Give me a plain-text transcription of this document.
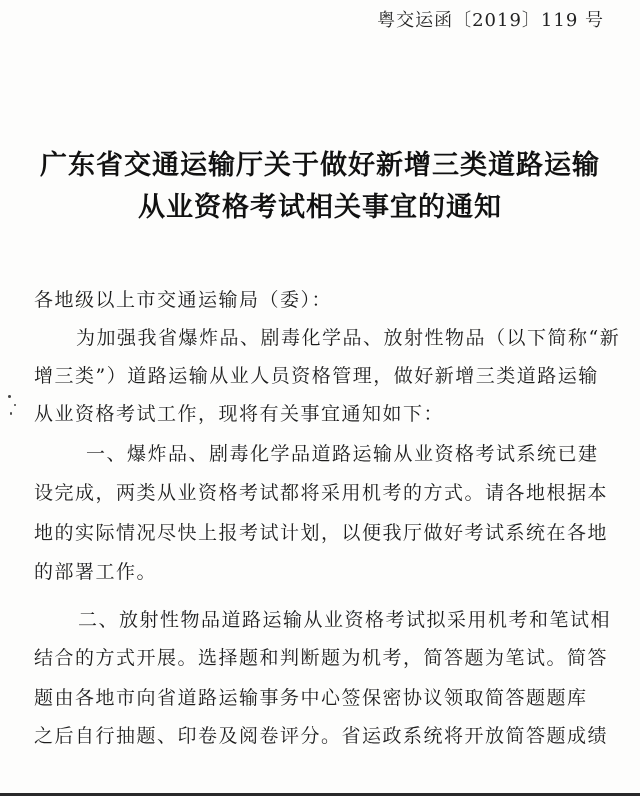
粤交运函〔2019〕119 号
广东省交通运输厅关于做好新增三类道路运输
从业资格考试相关事宜的通知
各地级以上市交通运输局（委）：
为加强我省爆炸品、剧毒化学品、放射性物品（以下简称“新
增三类”）道路运输从业人员资格管理，做好新增三类道路运输
从业资格考试工作，现将有关事宜通知如下：
一、爆炸品、剧毒化学品道路运输从业资格考试系统已建
设完成，两类从业资格考试都将采用机考的方式。请各地根据本
地的实际情况尽快上报考试计划，以便我厅做好考试系统在各地
的部署工作。
二、放射性物品道路运输从业资格考试拟采用机考和笔试相
结合的方式开展。选择题和判断题为机考，简答题为笔试。简答
题由各地市向省道路运输事务中心签保密协议领取简答题题库
之后自行抽题、印卷及阅卷评分。省运政系统将开放简答题成绩
